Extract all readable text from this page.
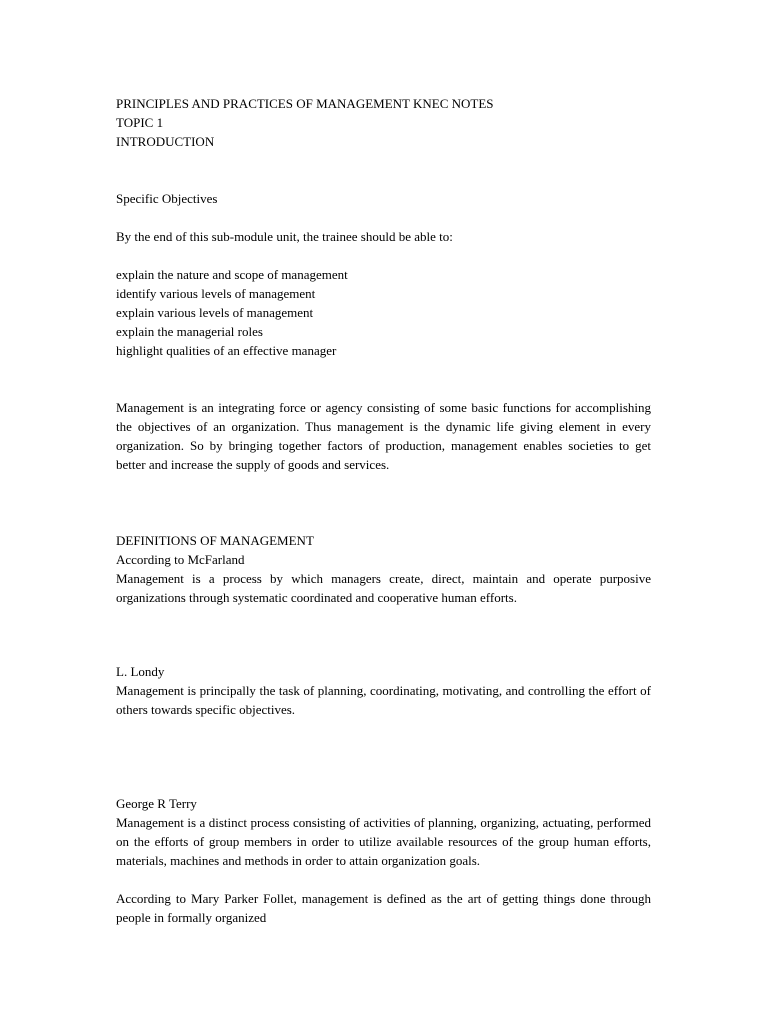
PRINCIPLES AND PRACTICES OF MANAGEMENT KNEC NOTES
TOPIC 1
INTRODUCTION
Specific Objectives
By the end of this sub-module unit, the trainee should be able to:
explain the nature and scope of management
identify various levels of management
explain various levels of management
explain the managerial roles
highlight qualities of an effective manager
Management is an integrating force or agency consisting of some basic functions for accomplishing the objectives of an organization. Thus management is the dynamic life giving element in every organization. So by bringing together factors of production, management enables societies to get better and increase the supply of goods and services.
DEFINITIONS OF MANAGEMENT
According to McFarland
Management is a process by which managers create, direct, maintain and operate purposive organizations through systematic coordinated and cooperative human efforts.
L. Londy
Management is principally the task of planning, coordinating, motivating, and controlling the effort of others towards specific objectives.
George R Terry
Management is a distinct process consisting of activities of planning, organizing, actuating, performed on the efforts of group members in order to utilize available resources of the group human efforts, materials, machines and methods in order to attain organization goals.
According to Mary Parker Follet, management is defined as the art of getting things done through people in formally organized
